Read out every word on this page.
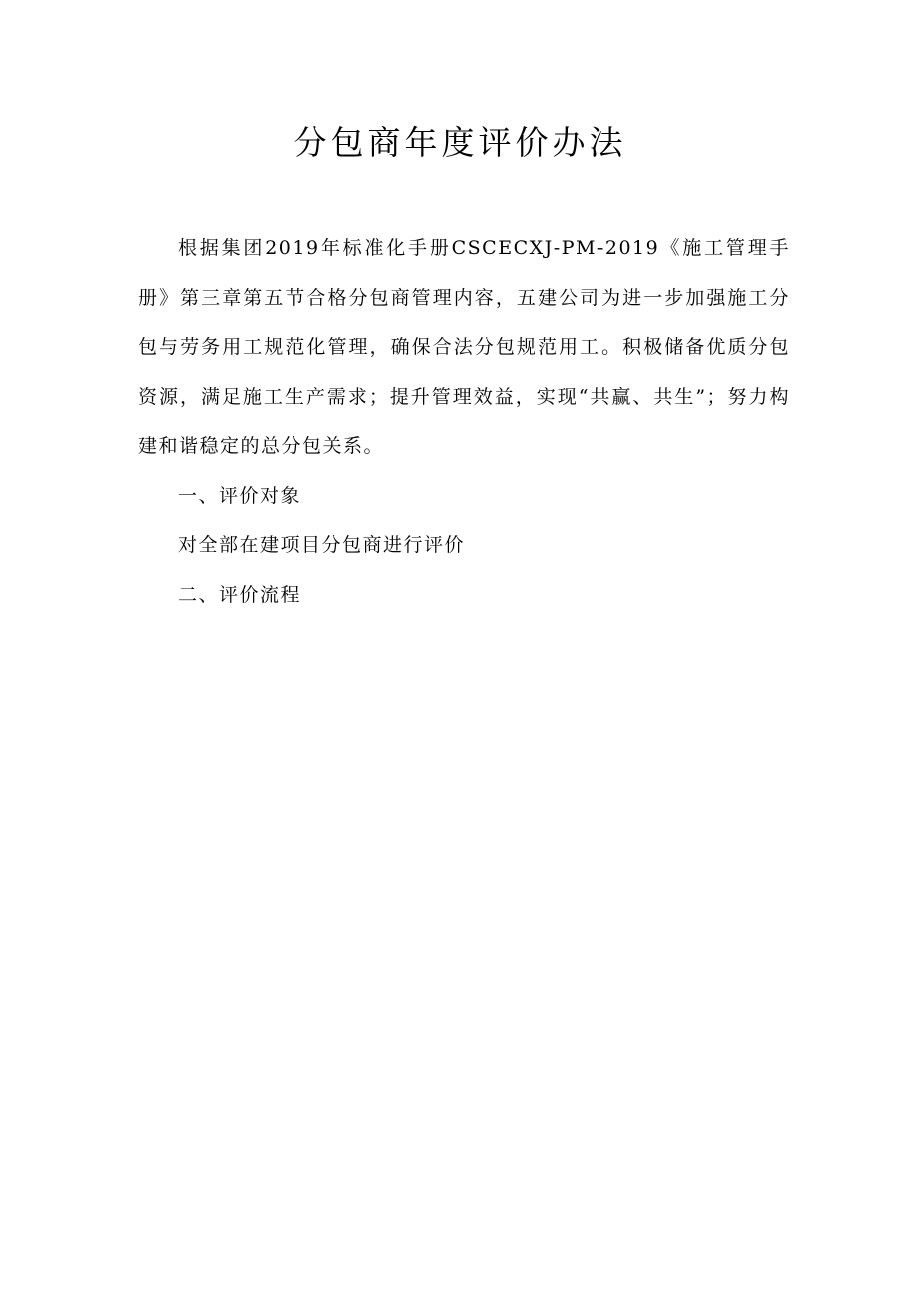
分包商年度评价办法

根据集团2019年标准化手册CSCECXJ-PM-2019《施工管理手册》第三章第五节合格分包商管理内容，五建公司为进一步加强施工分包与劳务用工规范化管理，确保合法分包规范用工。积极储备优质分包资源，满足施工生产需求；提升管理效益，实现“共赢、共生”；努力构建和谐稳定的总分包关系。

一、评价对象

对全部在建项目分包商进行评价

二、评价流程
